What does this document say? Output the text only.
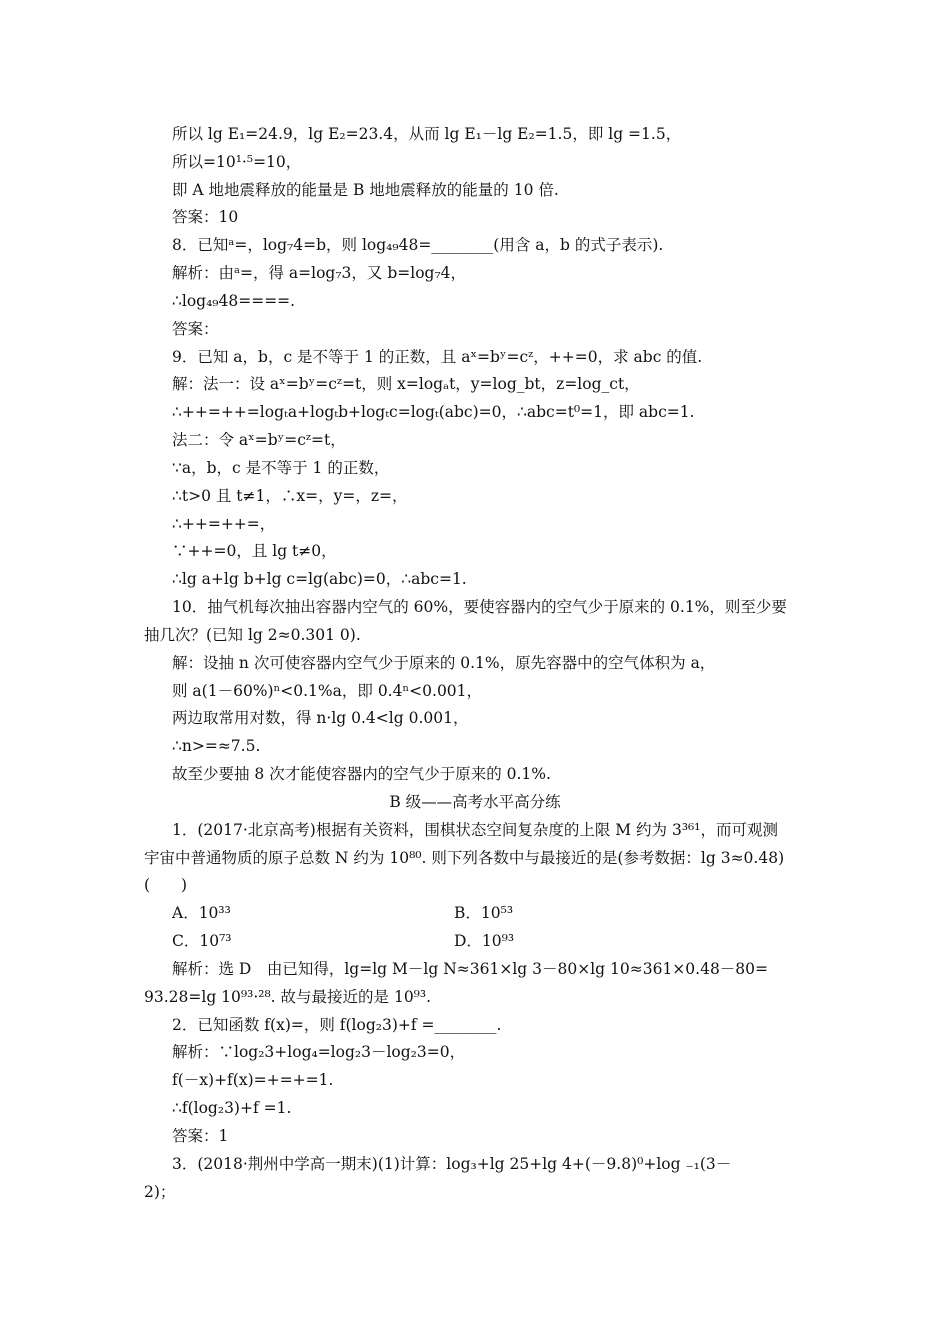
所以 lg E₁=24.9，lg E₂=23.4，从而 lg E₁－lg E₂=1.5，即 lg =1.5，
所以=10¹·⁵=10，
即 A 地地震释放的能量是 B 地地震释放的能量的 10 倍.
答案：10
8．已知ᵃ=，log₇4=b，则 log₄₉48=________(用含 a，b 的式子表示).
解析：由ᵃ=，得 a=log₇3，又 b=log₇4，
∴log₄₉48====.
答案：
9．已知 a，b，c 是不等于 1 的正数，且 aˣ=bʸ=cᶻ，++=0，求 abc 的值.
解：法一：设 aˣ=bʸ=cᶻ=t，则 x=logₐt，y=log_bt，z=log_ct，
∴++=++=logₜa+logₜb+logₜc=logₜ(abc)=0，∴abc=t⁰=1，即 abc=1.
法二：令 aˣ=bʸ=cᶻ=t，
∵a，b，c 是不等于 1 的正数，
∴t>0 且 t≠1，∴x=，y=，z=，
∴++=++=，
∵++=0，且 lg t≠0，
∴lg a+lg b+lg c=lg(abc)=0，∴abc=1.
10．抽气机每次抽出容器内空气的 60%，要使容器内的空气少于原来的 0.1%，则至少要
抽几次？(已知 lg 2≈0.301 0).
解：设抽 n 次可使容器内空气少于原来的 0.1%，原先容器中的空气体积为 a，
则 a(1－60%)ⁿ<0.1%a，即 0.4ⁿ<0.001，
两边取常用对数，得 n·lg 0.4<lg 0.001，
∴n>=≈7.5.
故至少要抽 8 次才能使容器内的空气少于原来的 0.1%.
B 级——高考水平高分练
1．(2017·北京高考)根据有关资料，围棋状态空间复杂度的上限 M 约为 3³⁶¹，而可观测
宇宙中普通物质的原子总数 N 约为 10⁸⁰. 则下列各数中与最接近的是(参考数据：lg 3≈0.48)
(　　)
A．10³³	B．10⁵³
C．10⁷³	D．10⁹³
解析：选 D　由已知得，lg=lg M－lg N≈361×lg 3－80×lg 10≈361×0.48－80=
93.28=lg 10⁹³·²⁸. 故与最接近的是 10⁹³.
2．已知函数 f(x)=，则 f(log₂3)+f =________.
解析：∵log₂3+log₄=log₂3－log₂3=0，
f(－x)+f(x)=+=+=1.
∴f(log₂3)+f =1.
答案：1
3．(2018·荆州中学高一期末)(1)计算：log₃+lg 25+lg 4+(－9.8)⁰+log ₋₁(3－
2)；
